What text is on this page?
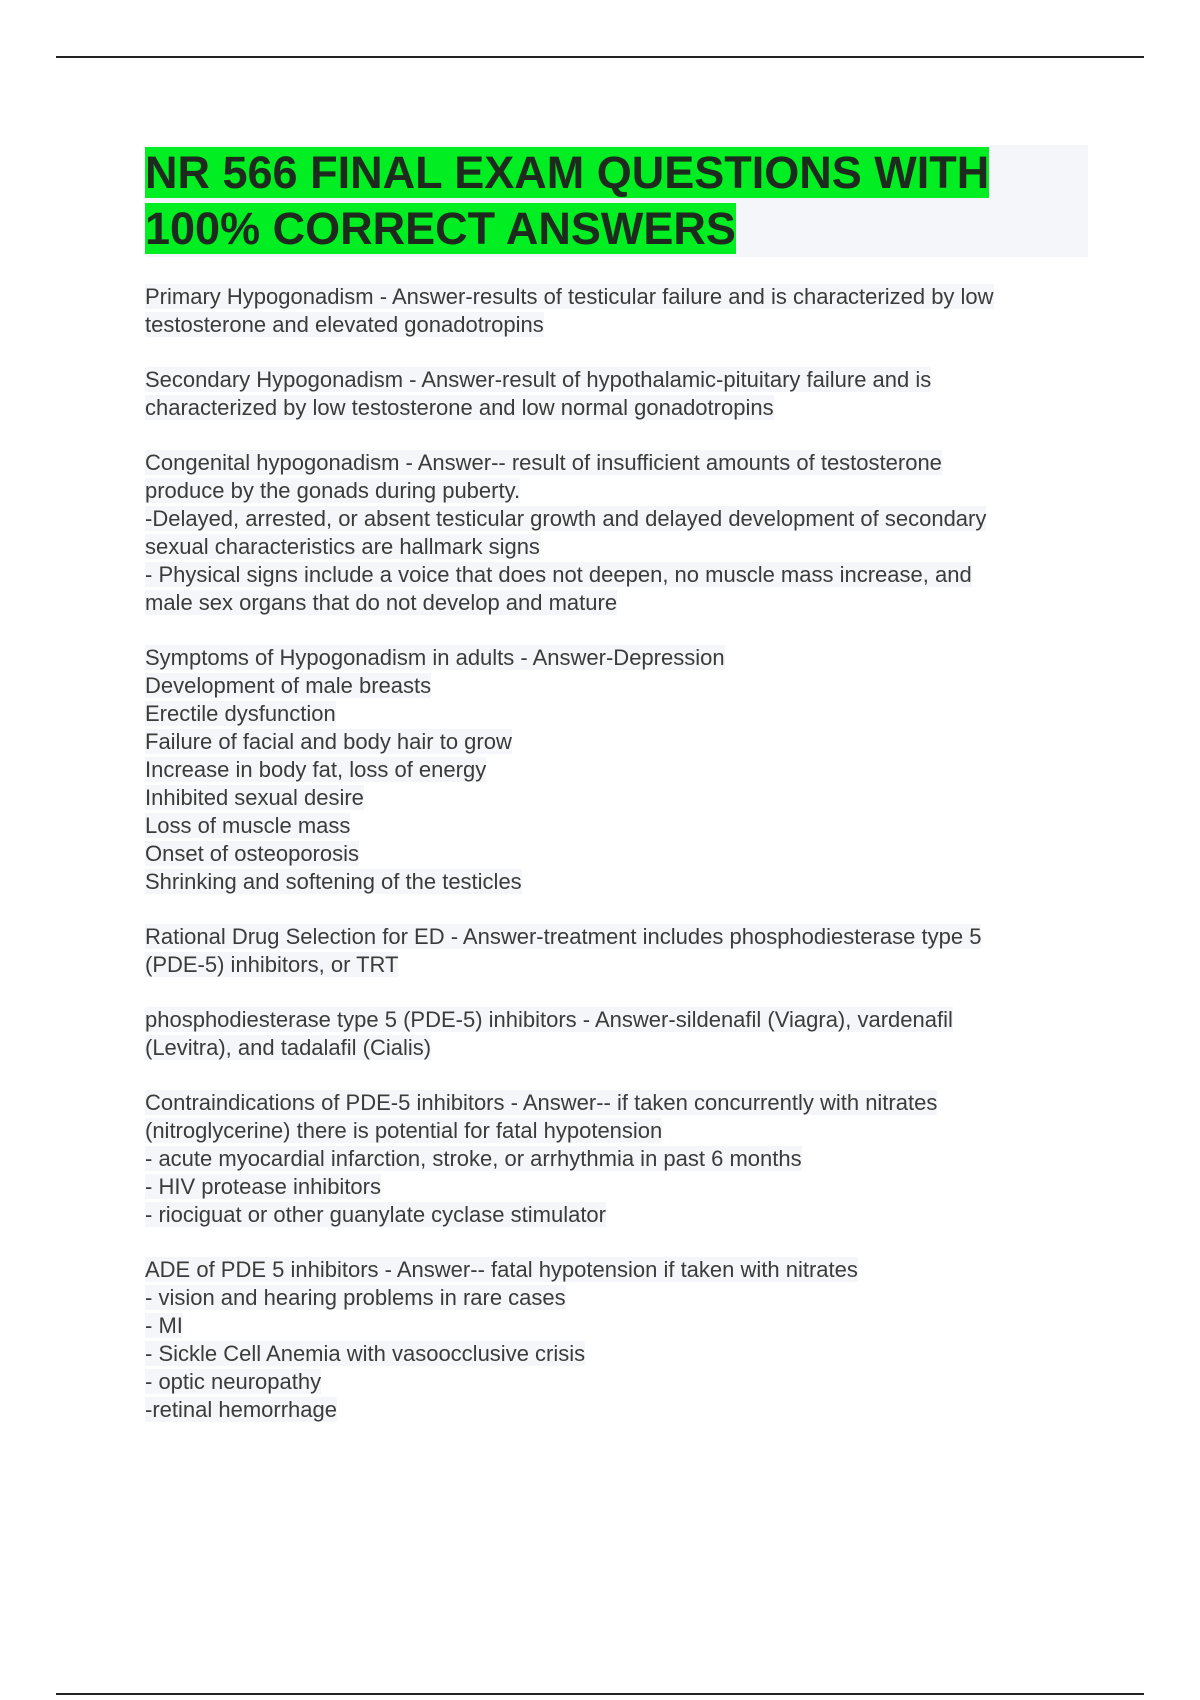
NR 566 FINAL EXAM QUESTIONS WITH
100% CORRECT ANSWERS
Primary Hypogonadism - Answer-results of testicular failure and is characterized by low
testosterone and elevated gonadotropins
Secondary Hypogonadism - Answer-result of hypothalamic-pituitary failure and is
characterized by low testosterone and low normal gonadotropins
Congenital hypogonadism - Answer-- result of insufficient amounts of testosterone
produce by the gonads during puberty.
-Delayed, arrested, or absent testicular growth and delayed development of secondary
sexual characteristics are hallmark signs
- Physical signs include a voice that does not deepen, no muscle mass increase, and
male sex organs that do not develop and mature
Symptoms of Hypogonadism in adults - Answer-Depression
Development of male breasts
Erectile dysfunction
Failure of facial and body hair to grow
Increase in body fat, loss of energy
Inhibited sexual desire
Loss of muscle mass
Onset of osteoporosis
Shrinking and softening of the testicles
Rational Drug Selection for ED - Answer-treatment includes phosphodiesterase type 5
(PDE-5) inhibitors, or TRT
phosphodiesterase type 5 (PDE-5) inhibitors - Answer-sildenafil (Viagra), vardenafil
(Levitra), and tadalafil (Cialis)
Contraindications of PDE-5 inhibitors - Answer-- if taken concurrently with nitrates
(nitroglycerine) there is potential for fatal hypotension
- acute myocardial infarction, stroke, or arrhythmia in past 6 months
- HIV protease inhibitors
- riociguat or other guanylate cyclase stimulator
ADE of PDE 5 inhibitors - Answer-- fatal hypotension if taken with nitrates
- vision and hearing problems in rare cases
- MI
- Sickle Cell Anemia with vasoocclusive crisis
- optic neuropathy
-retinal hemorrhage
